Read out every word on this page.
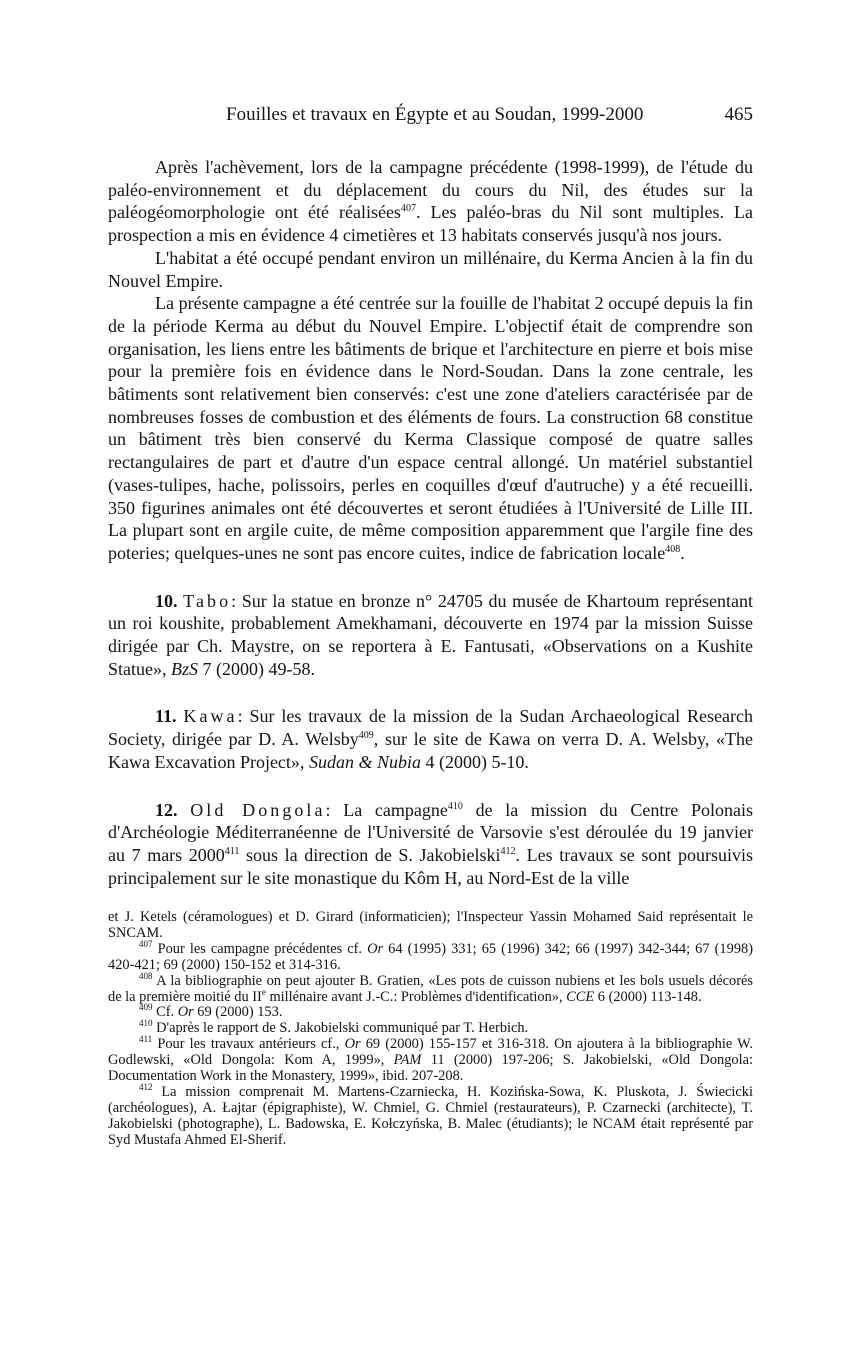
Fouilles et travaux en Égypte et au Soudan, 1999-2000	465

Après l'achèvement, lors de la campagne précédente (1998-1999), de l'étude du paléo-environnement et du déplacement du cours du Nil, des études sur la paléogéomorphologie ont été réalisées$^{407}$. Les paléo-bras du Nil sont multiples. La prospection a mis en évidence 4 cimetières et 13 habitats conservés jusqu'à nos jours.

L'habitat a été occupé pendant environ un millénaire, du Kerma Ancien à la fin du Nouvel Empire.

La présente campagne a été centrée sur la fouille de l'habitat 2 occupé depuis la fin de la période Kerma au début du Nouvel Empire. L'objectif était de comprendre son organisation, les liens entre les bâtiments de brique et l'architecture en pierre et bois mise pour la première fois en évidence dans le Nord-Soudan. Dans la zone centrale, les bâtiments sont relativement bien conservés: c'est une zone d'ateliers caractérisée par de nombreuses fosses de combustion et des éléments de fours. La construction 68 constitue un bâtiment très bien conservé du Kerma Classique composé de quatre salles rectangulaires de part et d'autre d'un espace central allongé. Un matériel substantiel (vases-tulipes, hache, polissoirs, perles en coquilles d'œuf d'autruche) y a été recueilli. 350 figurines animales ont été découvertes et seront étudiées à l'Université de Lille III. La plupart sont en argile cuite, de même composition apparemment que l'argile fine des poteries; quelques-unes ne sont pas encore cuites, indice de fabrication locale$^{408}$.

10. Tabo: Sur la statue en bronze n° 24705 du musée de Khartoum représentant un roi koushite, probablement Amekhamani, découverte en 1974 par la mission Suisse dirigée par Ch. Maystre, on se reportera à E. Fantusati, «Observations on a Kushite Statue», BzS 7 (2000) 49-58.

11. Kawa: Sur les travaux de la mission de la Sudan Archaeological Research Society, dirigée par D. A. Welsby$^{409}$, sur le site de Kawa on verra D. A. Welsby, «The Kawa Excavation Project», Sudan & Nubia 4 (2000) 5-10.

12. Old Dongola: La campagne$^{410}$ de la mission du Centre Polonais d'Archéologie Méditerranéenne de l'Université de Varsovie s'est déroulée du 19 janvier au 7 mars 2000$^{411}$ sous la direction de S. Jakobielski$^{412}$. Les travaux se sont poursuivis principalement sur le site monastique du Kôm H, au Nord-Est de la ville

et J. Ketels (céramologues) et D. Girard (informaticien); l'Inspecteur Yassin Mohamed Said représentait le SNCAM.

$^{407}$ Pour les campagne précédentes cf. Or 64 (1995) 331; 65 (1996) 342; 66 (1997) 342-344; 67 (1998) 420-421; 69 (2000) 150-152 et 314-316.

$^{408}$ A la bibliographie on peut ajouter B. Gratien, «Les pots de cuisson nubiens et les bols usuels décorés de la première moitié du IIe millénaire avant J.-C.: Problèmes d'identification», CCE 6 (2000) 113-148.

$^{409}$ Cf. Or 69 (2000) 153.

$^{410}$ D'après le rapport de S. Jakobielski communiqué par T. Herbich.

$^{411}$ Pour les travaux antérieurs cf., Or 69 (2000) 155-157 et 316-318. On ajoutera à la bibliographie W. Godlewski, «Old Dongola: Kom A, 1999», PAM 11 (2000) 197-206; S. Jakobielski, «Old Dongola: Documentation Work in the Monastery, 1999», ibid. 207-208.

$^{412}$ La mission comprenait M. Martens-Czarniecka, H. Kozińska-Sowa, K. Pluskota, J. Świecicki (archéologues), A. Łajtar (épigraphiste), W. Chmiel, G. Chmiel (restaurateurs), P. Czarnecki (architecte), T. Jakobielski (photographe), L. Badowska, E. Kołczyńska, B. Malec (étudiants); le NCAM était représenté par Syd Mustafa Ahmed El-Sherif.
